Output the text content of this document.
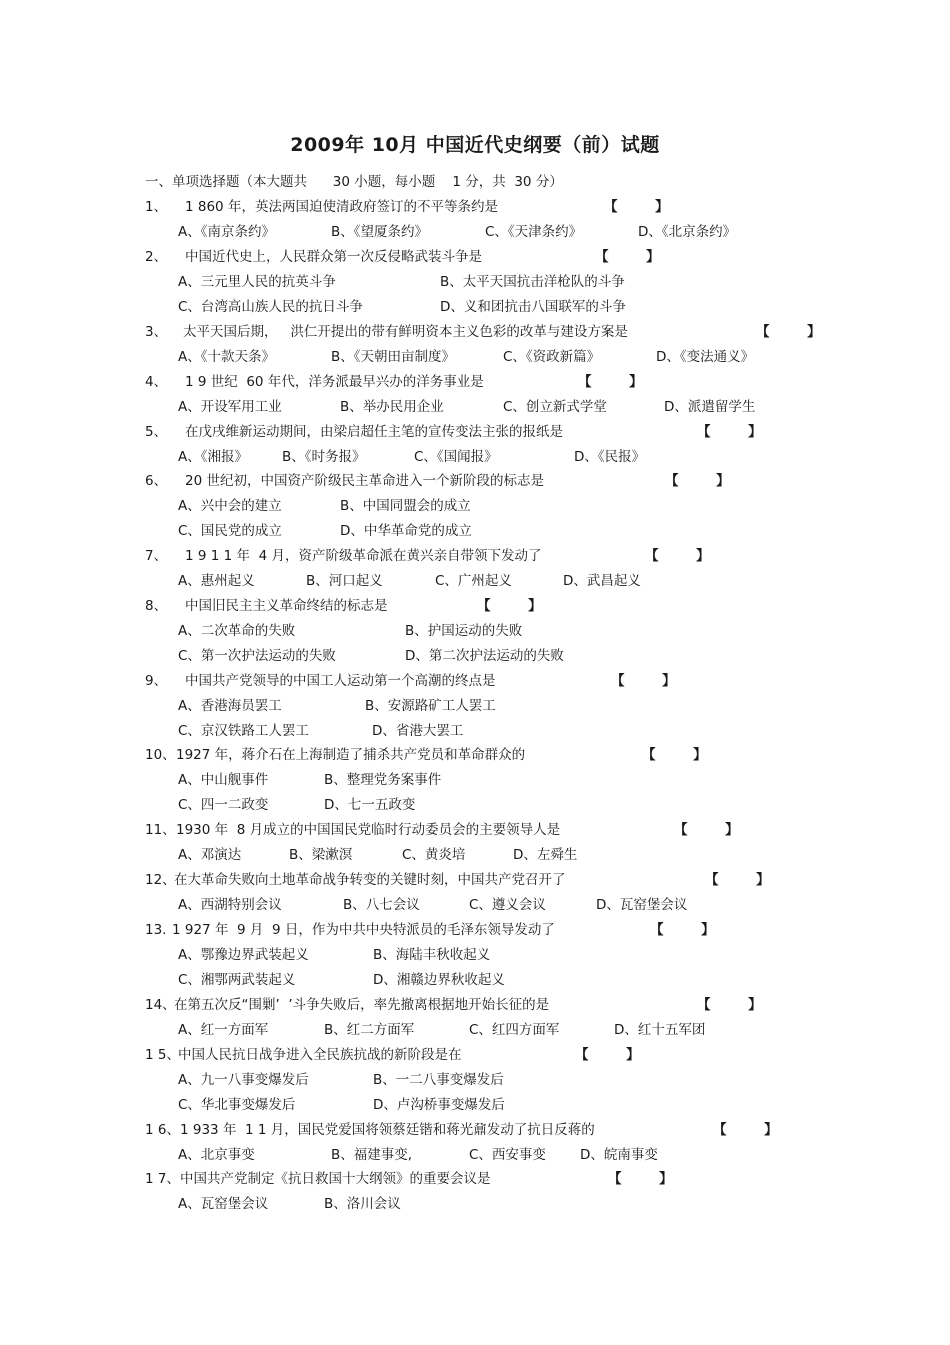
2009年 10月 中国近代史纲要（前）试题
一、单项选择题（本大题共      30 小题，每小题    1 分，共  30 分）
1、 1 860 年，英法两国迫使清政府签订的不平等条约是	【        】
A、《南京条约》	B、《望厦条约》	C、《天津条约》	D、《北京条约》
2、 中国近代史上，人民群众第一次反侵略武装斗争是	【        】
A、三元里人民的抗英斗争	B、太平天国抗击洋枪队的斗争
C、台湾高山族人民的抗日斗争	D、义和团抗击八国联军的斗争
3、 太平天国后期，   洪仁开提出的带有鲜明资本主义色彩的改革与建设方案是	【        】
A、《十款天条》	B、《天朝田亩制度》	C、《资政新篇》	D、《变法通义》
4、 1 9 世纪  60 年代，洋务派最早兴办的洋务事业是	【        】
A、开设军用工业	B、举办民用企业	C、创立新式学堂	D、派遣留学生
5、 在戊戌维新运动期间，由梁启超任主笔的宣传变法主张的报纸是	【        】
A、《湘报》	B、《时务报》	C、《国闻报》	D、《民报》
6、 20 世纪初，中国资产阶级民主革命进入一个新阶段的标志是	【        】
A、兴中会的建立	B、中国同盟会的成立
C、国民党的成立	D、中华革命党的成立
7、 1 9 1 1 年  4 月，资产阶级革命派在黄兴亲自带领下发动了	【        】
A、惠州起义	B、河口起义	C、广州起义	D、武昌起义
8、 中国旧民主主义革命终结的标志是	【        】
A、二次革命的失败	B、护国运动的失败
C、第一次护法运动的失败	D、第二次护法运动的失败
9、 中国共产党领导的中国工人运动第一个高潮的终点是	【        】
A、香港海员罢工	B、安源路矿工人罢工
C、京汉铁路工人罢工	D、省港大罢工
10、 1927 年，蒋介石在上海制造了捕杀共产党员和革命群众的	【        】
A、中山舰事件	B、整理党务案事件
C、四一二政变	D、七一五政变
11、 1930 年  8 月成立的中国国民党临时行动委员会的主要领导人是	【        】
A、邓演达	B、梁漱溟	C、黄炎培	D、左舜生
12、
在大革命失败向土地革命战争转变的关键时刻，中国共产党召开了	【        】
A、西湖特别会议	B、八七会议	C、遵义会议	D、瓦窑堡会议
13. 1 927 年  9 月  9 日，作为中共中央特派员的毛泽东领导发动了	【        】
A、鄂豫边界武装起义	B、海陆丰秋收起义
C、湘鄂两武装起义	D、湘赣边界秋收起义
14、
在第五次反“围剿’  ’斗争失败后，率先撤离根据地开始长征的是	【        】
A、红一方面军	B、红二方面军	C、红四方面军	D、红十五军团
1 5、
中国人民抗日战争进入全民族抗战的新阶段是在	【        】
A、九一八事变爆发后	B、一二八事变爆发后
C、华北事变爆发后	D、卢沟桥事变爆发后
1 6、 1 933 年  1 1 月，国民党爱国将领蔡廷锴和蒋光鼐发动了抗日反蒋的	【        】
A、北京事变	B、福建事变,	C、西安事变	D、皖南事变
1 7、 中国共产党制定《抗日救国十大纲领》的重要会议是	【        】
A、瓦窑堡会议	B、洛川会议
